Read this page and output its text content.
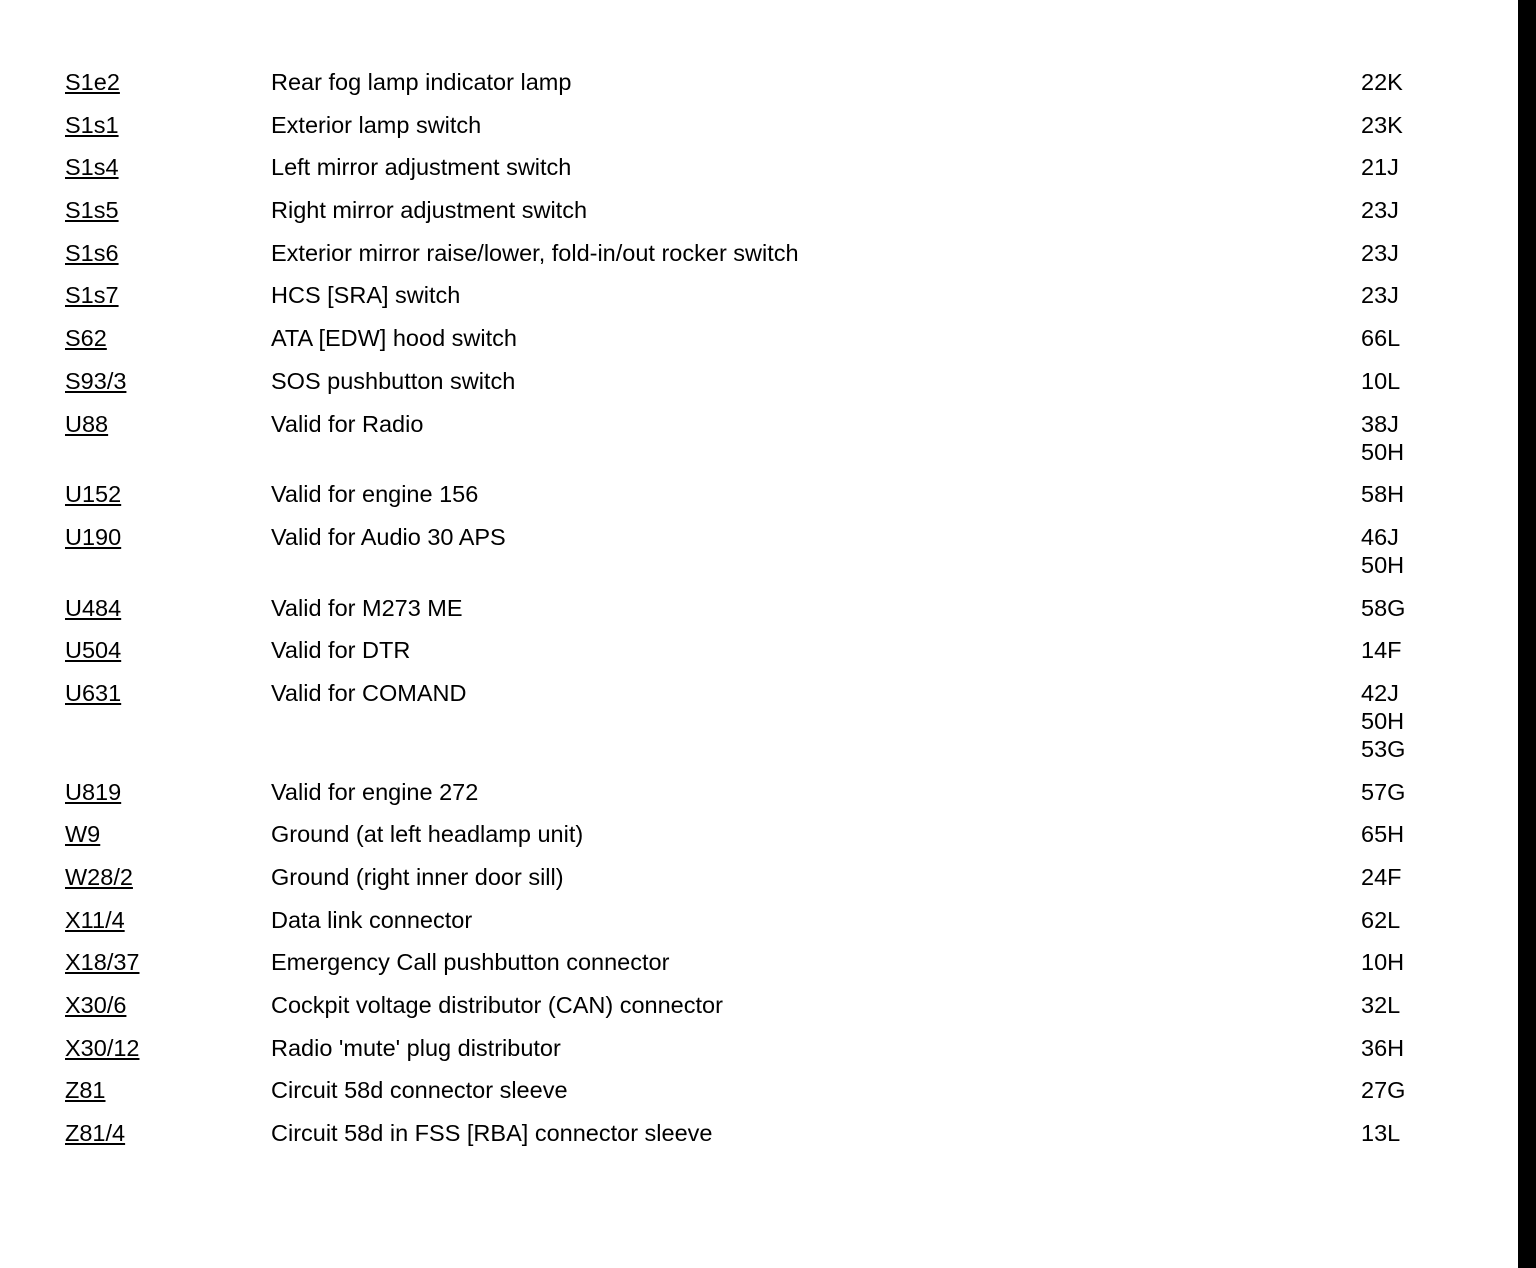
S1e2	Rear fog lamp indicator lamp	22K
S1s1	Exterior lamp switch	23K
S1s4	Left mirror adjustment switch	21J
S1s5	Right mirror adjustment switch	23J
S1s6	Exterior mirror raise/lower, fold-in/out rocker switch	23J
S1s7	HCS [SRA] switch	23J
S62	ATA [EDW] hood switch	66L
S93/3	SOS pushbutton switch	10L
U88	Valid for Radio	38J
50H
U152	Valid for engine 156	58H
U190	Valid for Audio 30 APS	46J
50H
U484	Valid for M273 ME	58G
U504	Valid for DTR	14F
U631	Valid for COMAND	42J
50H
53G
U819	Valid for engine 272	57G
W9	Ground (at left headlamp unit)	65H
W28/2	Ground (right inner door sill)	24F
X11/4	Data link connector	62L
X18/37	Emergency Call pushbutton connector	10H
X30/6	Cockpit voltage distributor (CAN) connector	32L
X30/12	Radio 'mute' plug distributor	36H
Z81	Circuit 58d connector sleeve	27G
Z81/4	Circuit 58d in FSS [RBA] connector sleeve	13L
